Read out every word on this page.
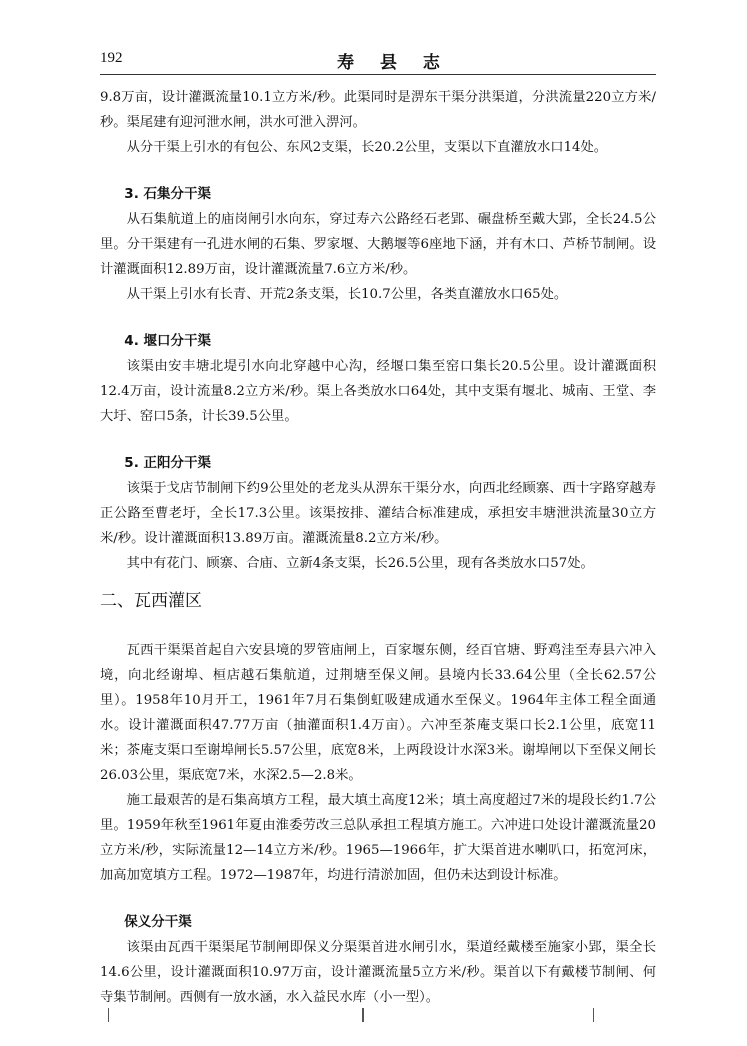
192	寿 县 志

9.8万亩，设计灌溉流量10.1立方米/秒。此渠同时是淠东干渠分洪渠道，分洪流量220立方米/秒。渠尾建有迎河泄水闸，洪水可泄入淠河。

从分干渠上引水的有包公、东风2支渠，长20.2公里，支渠以下直灌放水口14处。

3. 石集分干渠

从石集航道上的庙岗闸引水向东，穿过寿六公路经石老郢、碾盘桥至戴大郢，全长24.5公里。分干渠建有一孔进水闸的石集、罗家堰、大鹅堰等6座地下涵，并有木口、芦桥节制闸。设计灌溉面积12.89万亩，设计灌溉流量7.6立方米/秒。

从干渠上引水有长青、开荒2条支渠，长10.7公里，各类直灌放水口65处。

4. 堰口分干渠

该渠由安丰塘北堤引水向北穿越中心沟，经堰口集至窑口集长20.5公里。设计灌溉面积12.4万亩，设计流量8.2立方米/秒。渠上各类放水口64处，其中支渠有堰北、城南、王堂、李大圩、窑口5条，计长39.5公里。

5. 正阳分干渠

该渠于戈店节制闸下约9公里处的老龙头从淠东干渠分水，向西北经顾寨、西十字路穿越寿正公路至曹老圩，全长17.3公里。该渠按排、灌结合标准建成，承担安丰塘泄洪流量30立方米/秒。设计灌溉面积13.89万亩。灌溉流量8.2立方米/秒。

其中有花门、顾寨、合庙、立新4条支渠，长26.5公里，现有各类放水口57处。

二、瓦西灌区

瓦西干渠渠首起自六安县境的罗管庙闸上，百家堰东侧，经百官塘、野鸡洼至寿县六冲入境，向北经谢埠、桓店越石集航道，过荆塘至保义闸。县境内长33.64公里（全长62.57公里）。1958年10月开工，1961年7月石集倒虹吸建成通水至保义。1964年主体工程全面通水。设计灌溉面积47.77万亩（抽灌面积1.4万亩）。六冲至茶庵支渠口长2.1公里，底宽11米；茶庵支渠口至谢埠闸长5.57公里，底宽8米，上两段设计水深3米。谢埠闸以下至保义闸长26.03公里，渠底宽7米，水深2.5—2.8米。

施工最艰苦的是石集高填方工程，最大填土高度12米；填土高度超过7米的堤段长约1.7公里。1959年秋至1961年夏由淮委劳改三总队承担工程填方施工。六冲进口处设计灌溉流量20立方米/秒，实际流量12—14立方米/秒。1965—1966年，扩大渠首进水喇叭口，拓宽河床，加高加宽填方工程。1972—1987年，均进行清淤加固，但仍未达到设计标准。

保义分干渠

该渠由瓦西干渠渠尾节制闸即保义分渠渠首进水闸引水，渠道经戴楼至施家小郢，渠全长14.6公里，设计灌溉面积10.97万亩，设计灌溉流量5立方米/秒。渠首以下有戴楼节制闸、何寺集节制闸。西侧有一放水涵，水入益民水库（小一型）。
